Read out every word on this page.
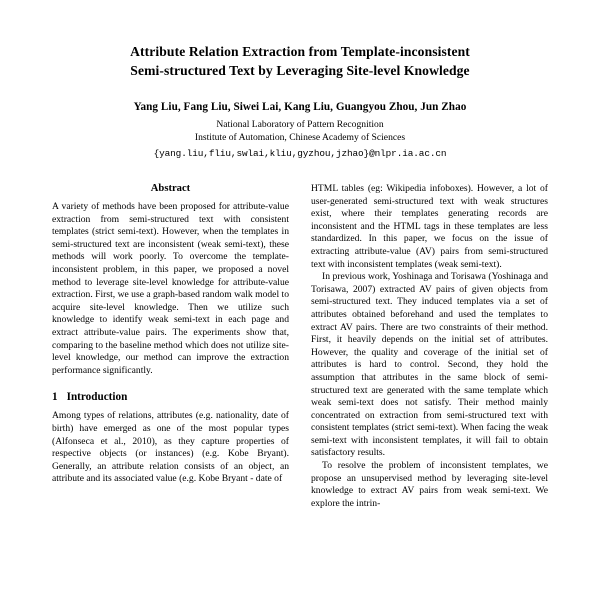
Attribute Relation Extraction from Template-inconsistent
Semi-structured Text by Leveraging Site-level Knowledge
Yang Liu, Fang Liu, Siwei Lai, Kang Liu, Guangyou Zhou, Jun Zhao
National Laboratory of Pattern Recognition
Institute of Automation, Chinese Academy of Sciences
{yang.liu,fliu,swlai,kliu,gyzhou,jzhao}@nlpr.ia.ac.cn
Abstract

A variety of methods have been proposed for attribute-value extraction from semi-structured text with consistent templates (strict semi-text). However, when the templates in semi-structured text are inconsistent (weak semi-text), these methods will work poorly. To overcome the template-inconsistent problem, in this paper, we proposed a novel method to leverage site-level knowledge for attribute-value extraction. First, we use a graph-based random walk model to acquire site-level knowledge. Then we utilize such knowledge to identify weak semi-text in each page and extract attribute-value pairs. The experiments show that, comparing to the baseline method which does not utilize site-level knowledge, our method can improve the extraction performance significantly.

1 Introduction

Among types of relations, attributes (e.g. nationality, date of birth) have emerged as one of the most popular types (Alfonseca et al., 2010), as they capture properties of respective objects (or instances) (e.g. Kobe Bryant). Generally, an attribute relation consists of an object, an attribute and its associated value (e.g. Kobe Bryant - date of

HTML tables (eg: Wikipedia infoboxes). However, a lot of user-generated semi-structured text with weak structures exist, where their templates generating records are inconsistent and the HTML tags in these templates are less standardized. In this paper, we focus on the issue of extracting attribute-value (AV) pairs from semi-structured text with inconsistent templates (weak semi-text).

In previous work, Yoshinaga and Torisawa (Yoshinaga and Torisawa, 2007) extracted AV pairs of given objects from semi-structured text. They induced templates via a set of attributes obtained beforehand and used the templates to extract AV pairs. There are two constraints of their method. First, it heavily depends on the initial set of attributes. However, the quality and coverage of the initial set of attributes is hard to control. Second, they hold the assumption that attributes in the same block of semi-structured text are generated with the same template which weak semi-text does not satisfy. Their method mainly concentrated on extraction from semi-structured text with consistent templates (strict semi-text). When facing the weak semi-text with inconsistent templates, it will fail to obtain satisfactory results.

To resolve the problem of inconsistent templates, we propose an unsupervised method by leveraging site-level knowledge to extract AV pairs from weak semi-text. We explore the intrin-
